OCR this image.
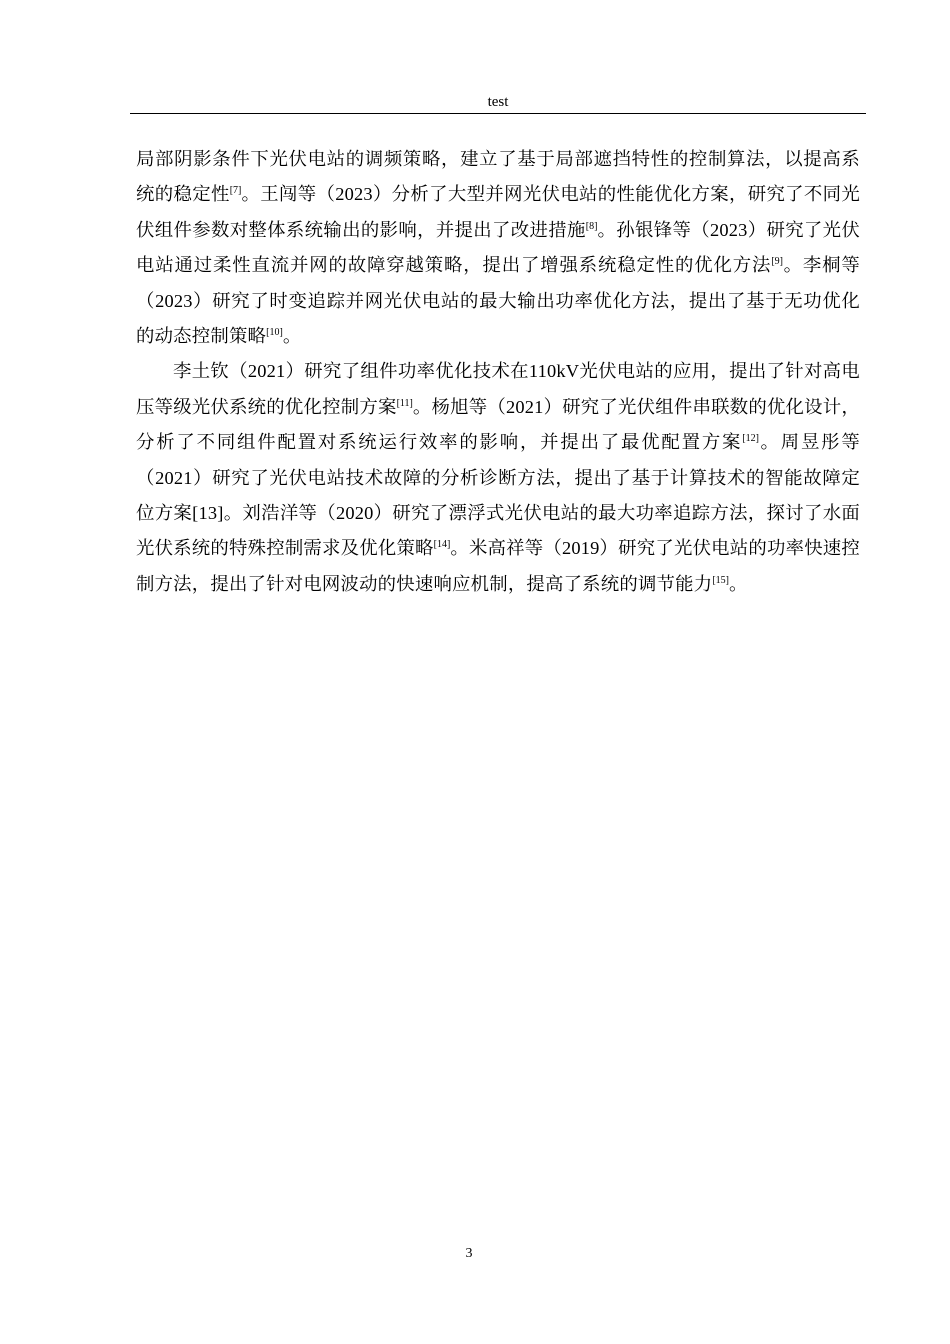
test

局部阴影条件下光伏电站的调频策略，建立了基于局部遮挡特性的控制算法，以提高系统的稳定性[7]。王闯等（2023）分析了大型并网光伏电站的性能优化方案，研究了不同光伏组件参数对整体系统输出的影响，并提出了改进措施[8]。孙银锋等（2023）研究了光伏电站通过柔性直流并网的故障穿越策略，提出了增强系统稳定性的优化方法[9]。李桐等（2023）研究了时变追踪并网光伏电站的最大输出功率优化方法，提出了基于无功优化的动态控制策略[10]。

李土钦（2021）研究了组件功率优化技术在110kV光伏电站的应用，提出了针对高电压等级光伏系统的优化控制方案[11]。杨旭等（2021）研究了光伏组件串联数的优化设计，分析了不同组件配置对系统运行效率的影响，并提出了最优配置方案[12]。周昱彤等（2021）研究了光伏电站技术故障的分析诊断方法，提出了基于计算技术的智能故障定位方案[13]。刘浩洋等（2020）研究了漂浮式光伏电站的最大功率追踪方法，探讨了水面光伏系统的特殊控制需求及优化策略[14]。米高祥等（2019）研究了光伏电站的功率快速控制方法，提出了针对电网波动的快速响应机制，提高了系统的调节能力[15]。

3
